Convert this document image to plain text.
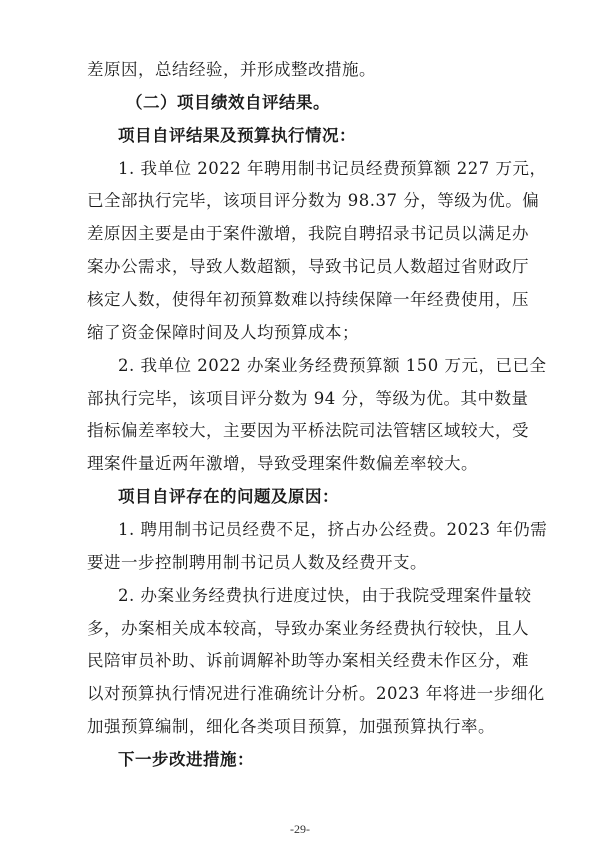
差原因，总结经验，并形成整改措施。
（二）项目绩效自评结果。
项目自评结果及预算执行情况：
1. 我单位 2022 年聘用制书记员经费预算额 227 万元，
已全部执行完毕，该项目评分数为 98.37 分，等级为优。偏
差原因主要是由于案件激增，我院自聘招录书记员以满足办
案办公需求，导致人数超额，导致书记员人数超过省财政厅
核定人数，使得年初预算数难以持续保障一年经费使用，压
缩了资金保障时间及人均预算成本；
2. 我单位 2022 办案业务经费预算额 150 万元，已已全
部执行完毕，该项目评分数为 94 分，等级为优。其中数量
指标偏差率较大，主要因为平桥法院司法管辖区域较大，受
理案件量近两年激增，导致受理案件数偏差率较大。
项目自评存在的问题及原因：
1. 聘用制书记员经费不足，挤占办公经费。2023 年仍需
要进一步控制聘用制书记员人数及经费开支。
2. 办案业务经费执行进度过快，由于我院受理案件量较
多，办案相关成本较高，导致办案业务经费执行较快，且人
民陪审员补助、诉前调解补助等办案相关经费未作区分，难
以对预算执行情况进行准确统计分析。2023 年将进一步细化
加强预算编制，细化各类项目预算，加强预算执行率。
下一步改进措施：
-29-
